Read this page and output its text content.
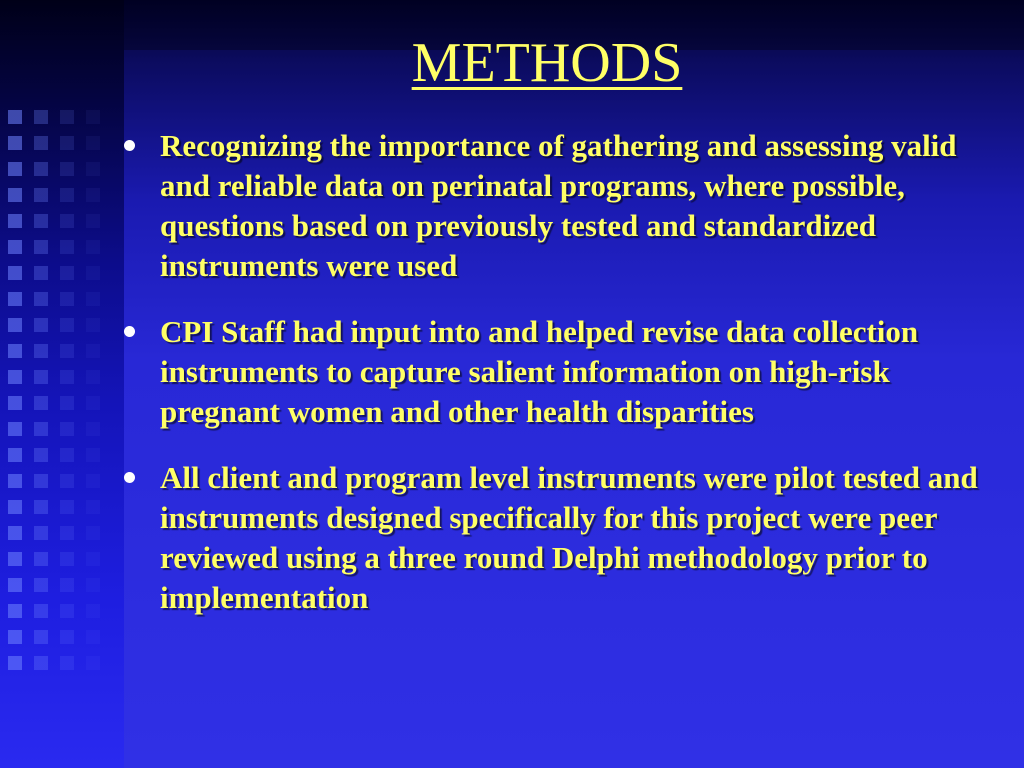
METHODS
Recognizing the importance of gathering and assessing valid and reliable data on perinatal programs, where possible, questions based on previously tested and standardized instruments were used
CPI Staff had input into and helped revise data collection instruments to capture salient information on high-risk pregnant women and other health disparities
All client and program level instruments were pilot tested and instruments designed specifically for this project were peer reviewed using a three round Delphi methodology prior to implementation
